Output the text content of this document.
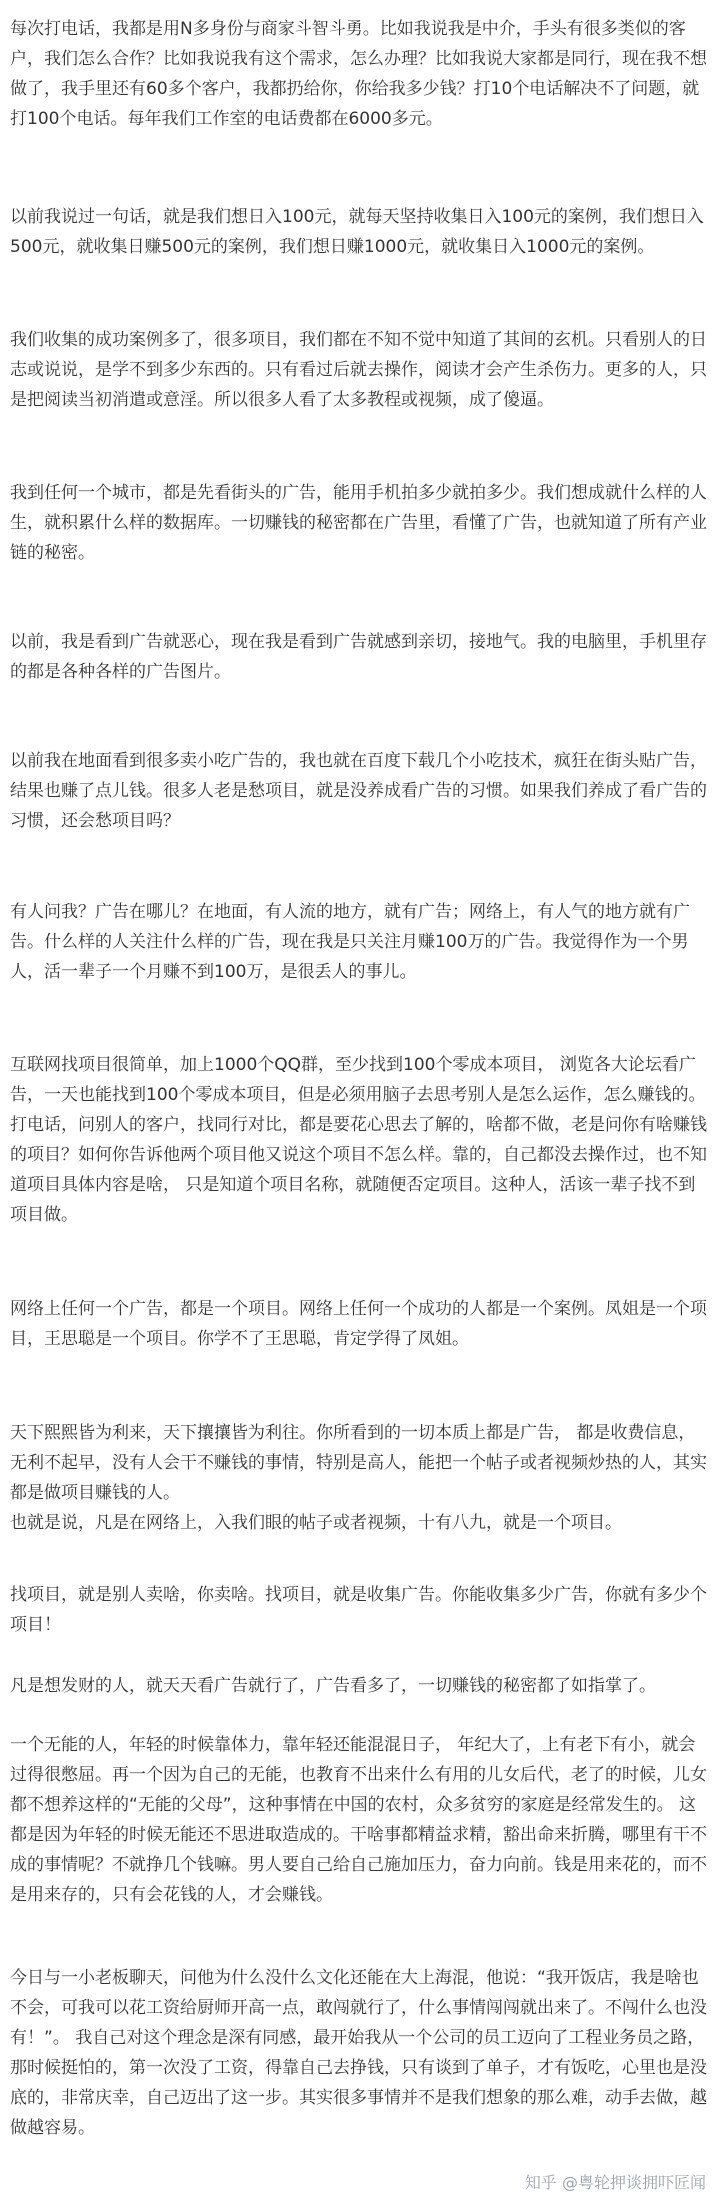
每次打电话，我都是用N多身份与商家斗智斗勇。比如我说我是中介，手头有很多类似的客户，我们怎么合作？比如我说我有这个需求，怎么办理？比如我说大家都是同行，现在我不想做了，我手里还有60多个客户，我都扔给你，你给我多少钱？打10个电话解决不了问题，就打100个电话。每年我们工作室的电话费都在6000多元。

以前我说过一句话，就是我们想日入100元，就每天坚持收集日入100元的案例，我们想日入500元，就收集日赚500元的案例，我们想日赚1000元，就收集日入1000元的案例。

我们收集的成功案例多了，很多项目，我们都在不知不觉中知道了其间的玄机。只看别人的日志或说说，是学不到多少东西的。只有看过后就去操作，阅读才会产生杀伤力。更多的人，只是把阅读当初消遣或意淫。所以很多人看了太多教程或视频，成了傻逼。

我到任何一个城市，都是先看街头的广告，能用手机拍多少就拍多少。我们想成就什么样的人生，就积累什么样的数据库。一切赚钱的秘密都在广告里，看懂了广告，也就知道了所有产业链的秘密。

以前，我是看到广告就恶心，现在我是看到广告就感到亲切，接地气。我的电脑里，手机里存的都是各种各样的广告图片。

以前我在地面看到很多卖小吃广告的，我也就在百度下载几个小吃技术，疯狂在街头贴广告，结果也赚了点儿钱。很多人老是愁项目，就是没养成看广告的习惯。如果我们养成了看广告的习惯，还会愁项目吗？

有人问我？广告在哪儿？在地面，有人流的地方，就有广告；网络上，有人气的地方就有广告。什么样的人关注什么样的广告，现在我是只关注月赚100万的广告。我觉得作为一个男人，活一辈子一个月赚不到100万，是很丢人的事儿。

互联网找项目很简单，加上1000个QQ群，至少找到100个零成本项目， 浏览各大论坛看广告，一天也能找到100个零成本项目，但是必须用脑子去思考别人是怎么运作，怎么赚钱的。 打电话，问别人的客户，找同行对比，都是要花心思去了解的，啥都不做，老是问你有啥赚钱的项目？如何你告诉他两个项目他又说这个项目不怎么样。靠的，自己都没去操作过，也不知道项目具体内容是啥， 只是知道个项目名称，就随便否定项目。这种人，活该一辈子找不到项目做。

网络上任何一个广告，都是一个项目。网络上任何一个成功的人都是一个案例。凤姐是一个项目，王思聪是一个项目。你学不了王思聪，肯定学得了凤姐。

天下熙熙皆为利来，天下攘攘皆为利往。你所看到的一切本质上都是广告， 都是收费信息，无利不起早，没有人会干不赚钱的事情，特别是高人，能把一个帖子或者视频炒热的人，其实都是做项目赚钱的人。

也就是说，凡是在网络上，入我们眼的帖子或者视频，十有八九，就是一个项目。

找项目，就是别人卖啥，你卖啥。找项目，就是收集广告。你能收集多少广告，你就有多少个项目！

凡是想发财的人，就天天看广告就行了，广告看多了，一切赚钱的秘密都了如指掌了。

一个无能的人，年轻的时候靠体力，靠年轻还能混混日子， 年纪大了，上有老下有小，就会过得很憋屈。再一个因为自己的无能，也教育不出来什么有用的儿女后代，老了的时候，儿女都不想养这样的“无能的父母”，这种事情在中国的农村，众多贫穷的家庭是经常发生的。 这都是因为年轻的时候无能还不思进取造成的。干啥事都精益求精，豁出命来折腾，哪里有干不成的事情呢？不就挣几个钱嘛。男人要自己给自己施加压力，奋力向前。钱是用来花的，而不是用来存的，只有会花钱的人，才会赚钱。

今日与一小老板聊天，问他为什么没什么文化还能在大上海混，他说：“我开饭店，我是啥也不会，可我可以花工资给厨师开高一点，敢闯就行了，什么事情闯闯就出来了。不闯什么也没有！”。 我自己对这个理念是深有同感，最开始我从一个公司的员工迈向了工程业务员之路，那时候挺怕的，第一次没了工资，得靠自己去挣钱，只有谈到了单子，才有饭吃，心里也是没底的，非常庆幸，自己迈出了这一步。其实很多事情并不是我们想象的那么难，动手去做，越做越容易。

知乎 @粤轮押谈拥吓匠闻
